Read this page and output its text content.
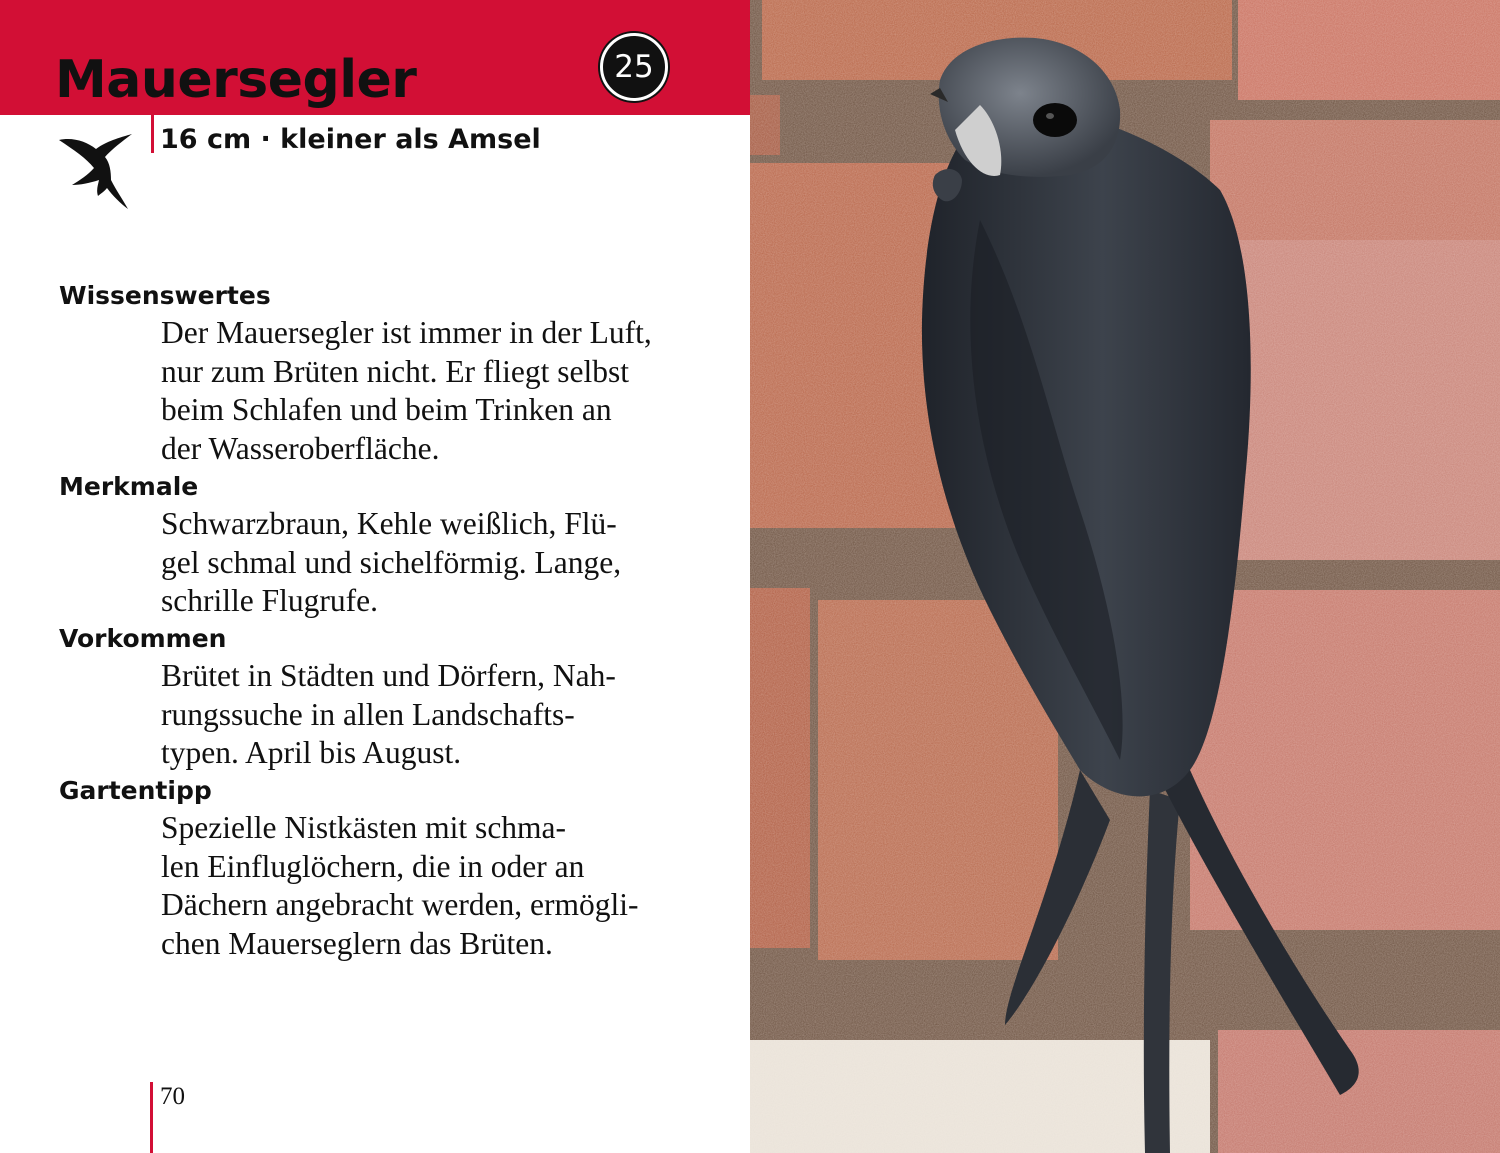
Mauersegler	25
16 cm · kleiner als Amsel
Wissenswertes
Der Mauersegler ist immer in der Luft,
nur zum Brüten nicht. Er fliegt selbst
beim Schlafen und beim Trinken an
der Wasseroberfläche.
Merkmale
Schwarzbraun, Kehle weißlich, Flü-
gel schmal und sichelförmig. Lange,
schrille Flugrufe.
Vorkommen
Brütet in Städten und Dörfern, Nah-
rungssuche in allen Landschafts-
typen. April bis August.
Gartentipp
Spezielle Nistkästen mit schma-
len Einfluglöchern, die in oder an
Dächern angebracht werden, ermögli-
chen Mauerseglern das Brüten.
70
